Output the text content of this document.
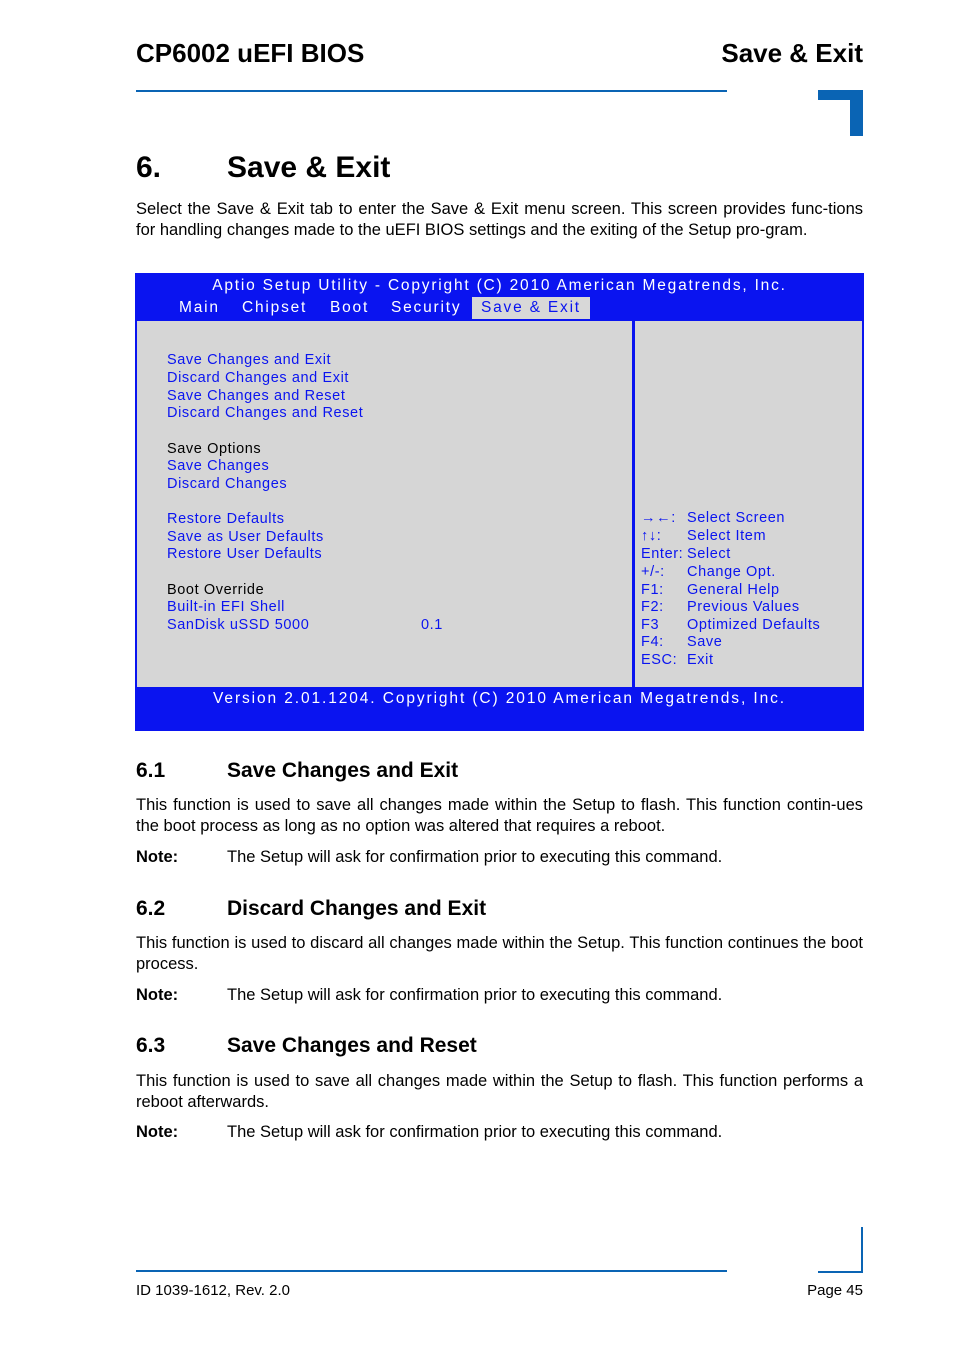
CP6002 uEFI BIOS	Save & Exit
6. Save & Exit

Select the Save & Exit tab to enter the Save & Exit menu screen. This screen provides func-tions for handling changes made to the uEFI BIOS settings and the exiting of the Setup pro-gram.

Aptio Setup Utility - Copyright (C) 2010 American Megatrends, Inc.
Main Chipset Boot Security	Save & Exit
Save Changes and Exit
Discard Changes and Exit
Save Changes and Reset
Discard Changes and Reset
Save Options
Save Changes
Discard Changes
Restore Defaults
Save as User Defaults
Restore User Defaults
Boot Override
Built-in EFI Shell
SanDisk uSSD 5000	0.1
→←: Select Screen
↑↓: Select Item
Enter: Select
+/-: Change Opt.
F1: General Help
F2: Previous Values
F3 Optimized Defaults
F4: Save
ESC: Exit
Version 2.01.1204. Copyright (C) 2010 American Megatrends, Inc.
6.1	Save Changes and Exit

This function is used to save all changes made within the Setup to flash. This function contin-ues the boot process as long as no option was altered that requires a reboot.

Note:	The Setup will ask for confirmation prior to executing this command.
6.2	Discard Changes and Exit

This function is used to discard all changes made within the Setup. This function continues the boot process.

Note:	The Setup will ask for confirmation prior to executing this command.
6.3	Save Changes and Reset

This function is used to save all changes made within the Setup to flash. This function performs a reboot afterwards.

Note:	The Setup will ask for confirmation prior to executing this command.
ID 1039-1612, Rev. 2.0	Page 45
